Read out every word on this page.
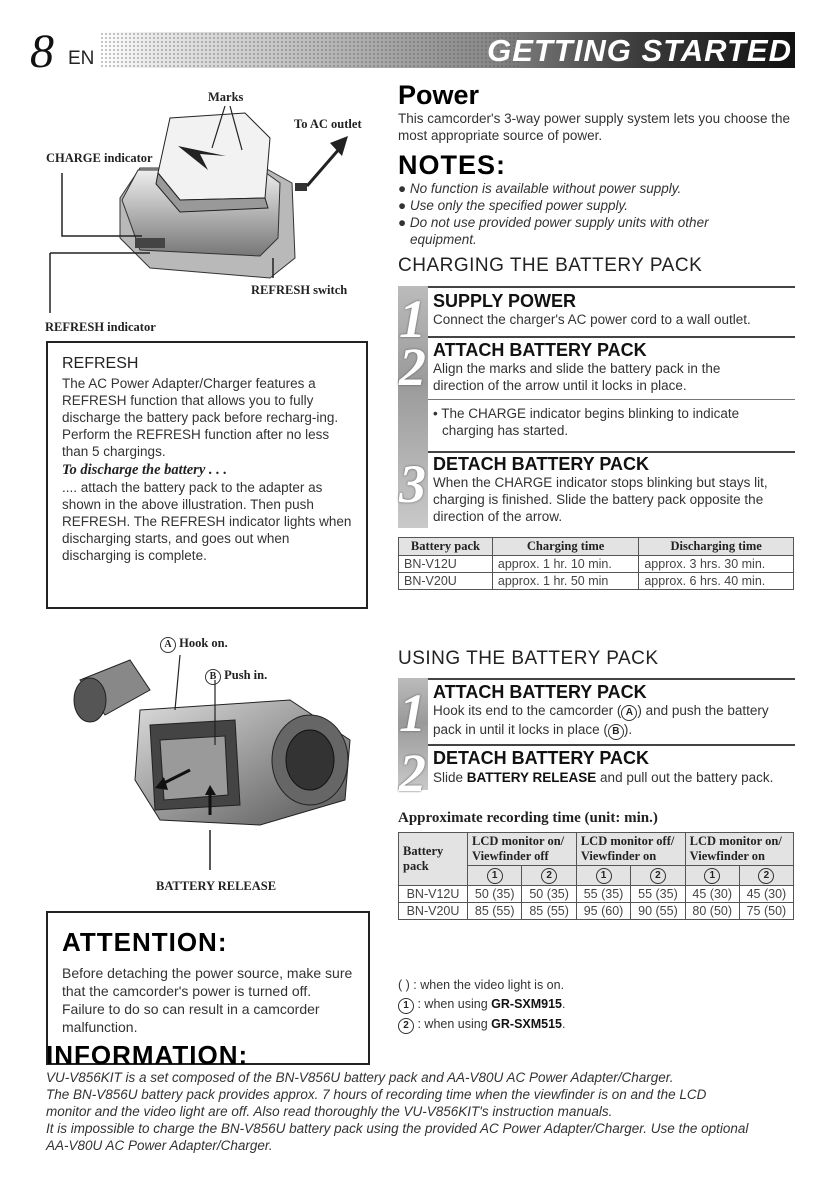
8 EN	GETTING STARTED
Marks
To AC outlet
CHARGE indicator
REFRESH switch
REFRESH indicator
REFRESH
The AC Power Adapter/Charger features a REFRESH function that allows you to fully discharge the battery pack before recharg-ing.
Perform the REFRESH function after no less than 5 chargings.
To discharge the battery . . .
.... attach the battery pack to the adapter as shown in the above illustration. Then push REFRESH. The REFRESH indicator lights when discharging starts, and goes out when discharging is complete.
Power
This camcorder's 3-way power supply system lets you choose the most appropriate source of power.
NOTES:
● No function is available without power supply.
● Use only the specified power supply.
● Do not use provided power supply units with other equipment.
CHARGING THE BATTERY PACK
1 SUPPLY POWER
Connect the charger's AC power cord to a wall outlet.
2 ATTACH BATTERY PACK
Align the marks and slide the battery pack in the direction of the arrow until it locks in place.
• The CHARGE indicator begins blinking to indicate charging has started.
3 DETACH BATTERY PACK
When the CHARGE indicator stops blinking but stays lit, charging is finished. Slide the battery pack opposite the direction of the arrow.
Battery pack	Charging time	Discharging time
BN-V12U	approx. 1 hr. 10 min.	approx. 3 hrs. 30 min.
BN-V20U	approx. 1 hr. 50 min	approx. 6 hrs. 40 min.
A Hook on.
B Push in.
BATTERY RELEASE
ATTENTION:
Before detaching the power source, make sure that the camcorder's power is turned off. Failure to do so can result in a camcorder malfunction.
USING THE BATTERY PACK
1 ATTACH BATTERY PACK
Hook its end to the camcorder ( A ) and push the battery pack in until it locks in place ( B ).
2 DETACH BATTERY PACK
Slide BATTERY RELEASE and pull out the battery pack.
Approximate recording time (unit: min.)
Battery pack	LCD monitor on/ Viewfinder off		LCD monitor off/ Viewfinder on		LCD monitor on/ Viewfinder on	
	1	2	1	2	1	2
BN-V12U	50 (35)	50 (35)	55 (35)	55 (35)	45 (30)	45 (30)
BN-V20U	85 (55)	85 (55)	95 (60)	90 (55)	80 (50)	75 (50)
( ) : when the video light is on.
1 : when using GR-SXM915.
2 : when using GR-SXM515.
INFORMATION:
VU-V856KIT is a set composed of the BN-V856U battery pack and AA-V80U AC Power Adapter/Charger.
The BN-V856U battery pack provides approx. 7 hours of recording time when the viewfinder is on and the LCD
monitor and the video light are off. Also read thoroughly the VU-V856KIT's instruction manuals.
It is impossible to charge the BN-V856U battery pack using the provided AC Power Adapter/Charger. Use the optional
AA-V80U AC Power Adapter/Charger.
